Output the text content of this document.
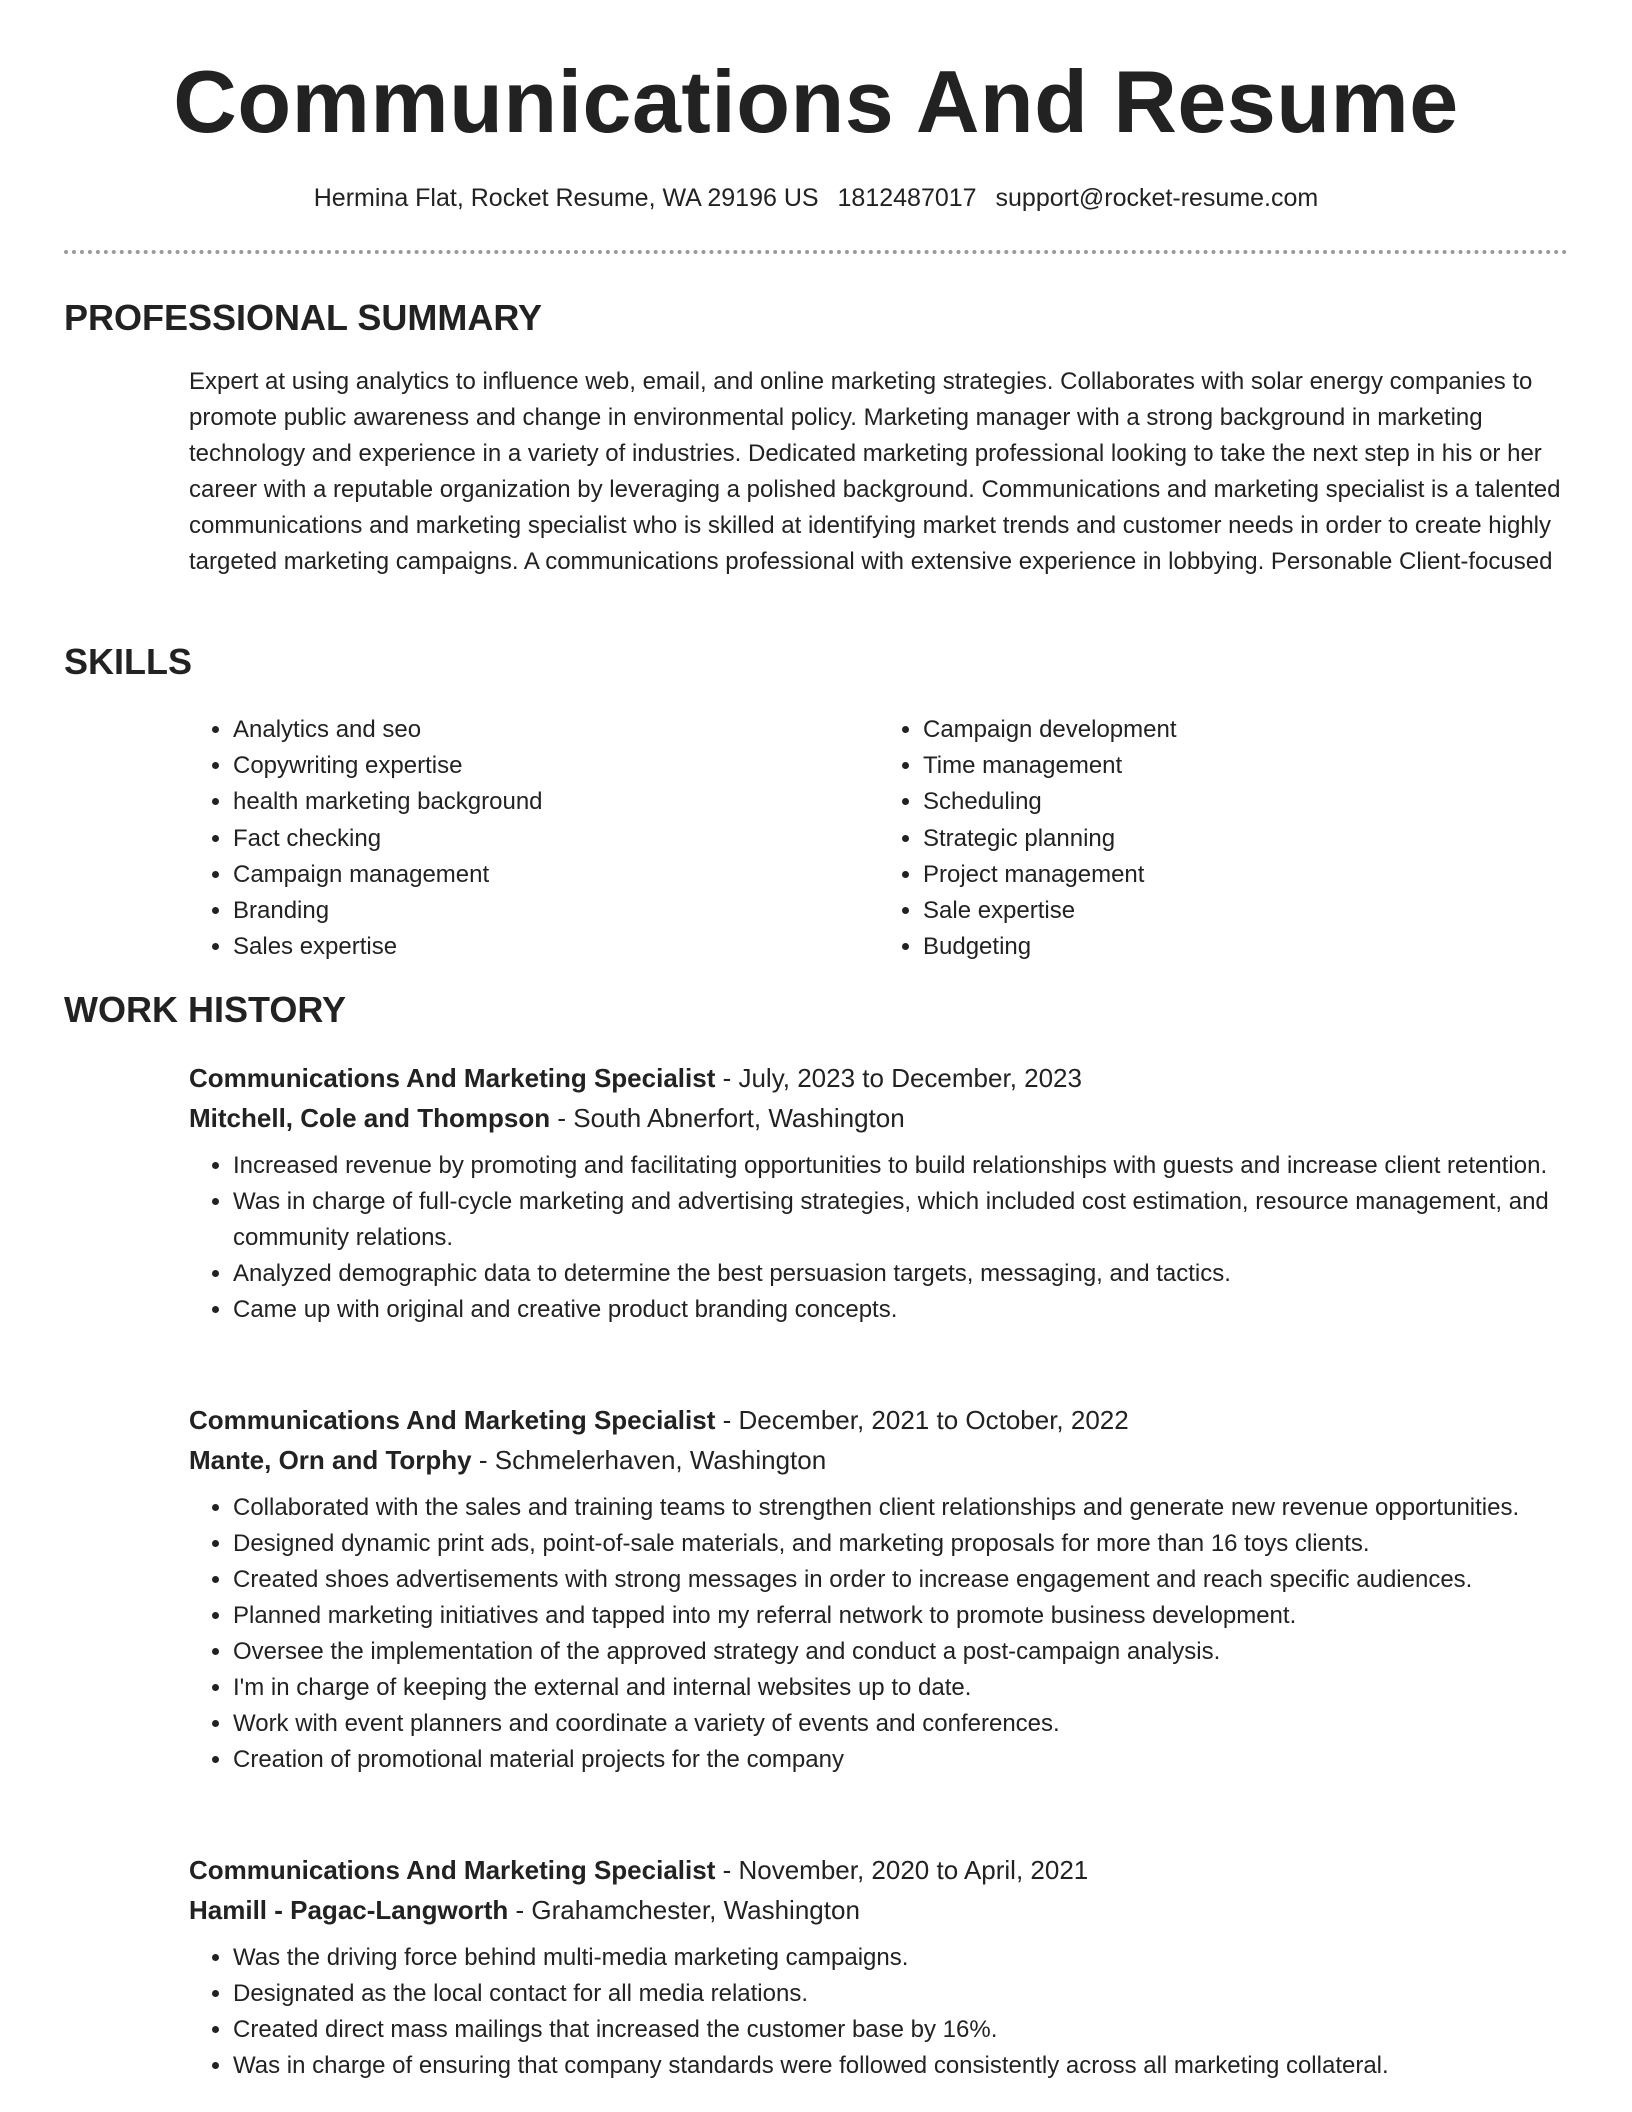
Communications And Resume
Hermina Flat, Rocket Resume, WA 29196 US 1812487017 support@rocket-resume.com
PROFESSIONAL SUMMARY

Expert at using analytics to influence web, email, and online marketing strategies. Collaborates with solar energy companies to promote public awareness and change in environmental policy. Marketing manager with a strong background in marketing technology and experience in a variety of industries. Dedicated marketing professional looking to take the next step in his or her career with a reputable organization by leveraging a polished background. Communications and marketing specialist is a talented communications and marketing specialist who is skilled at identifying market trends and customer needs in order to create highly targeted marketing campaigns. A communications professional with extensive experience in lobbying. Personable Client-focused

SKILLS
• Analytics and seo
• Copywriting expertise
• health marketing background
• Fact checking
• Campaign management
• Branding
• Sales expertise
• Campaign development
• Time management
• Scheduling
• Strategic planning
• Project management
• Sale expertise
• Budgeting
WORK HISTORY

Communications And Marketing Specialist - July, 2023 to December, 2023

Mitchell, Cole and Thompson - South Abnerfort, Washington

• Increased revenue by promoting and facilitating opportunities to build relationships with guests and increase client retention.
• Was in charge of full-cycle marketing and advertising strategies, which included cost estimation, resource management, and community relations.
• Analyzed demographic data to determine the best persuasion targets, messaging, and tactics.
• Came up with original and creative product branding concepts.

Communications And Marketing Specialist - December, 2021 to October, 2022

Mante, Orn and Torphy - Schmelerhaven, Washington

• Collaborated with the sales and training teams to strengthen client relationships and generate new revenue opportunities.
• Designed dynamic print ads, point-of-sale materials, and marketing proposals for more than 16 toys clients.
• Created shoes advertisements with strong messages in order to increase engagement and reach specific audiences.
• Planned marketing initiatives and tapped into my referral network to promote business development.
• Oversee the implementation of the approved strategy and conduct a post-campaign analysis.
• I'm in charge of keeping the external and internal websites up to date.
• Work with event planners and coordinate a variety of events and conferences.
• Creation of promotional material projects for the company

Communications And Marketing Specialist - November, 2020 to April, 2021

Hamill - Pagac-Langworth - Grahamchester, Washington

• Was the driving force behind multi-media marketing campaigns.
• Designated as the local contact for all media relations.
• Created direct mass mailings that increased the customer base by 16%.
• Was in charge of ensuring that company standards were followed consistently across all marketing collateral.
